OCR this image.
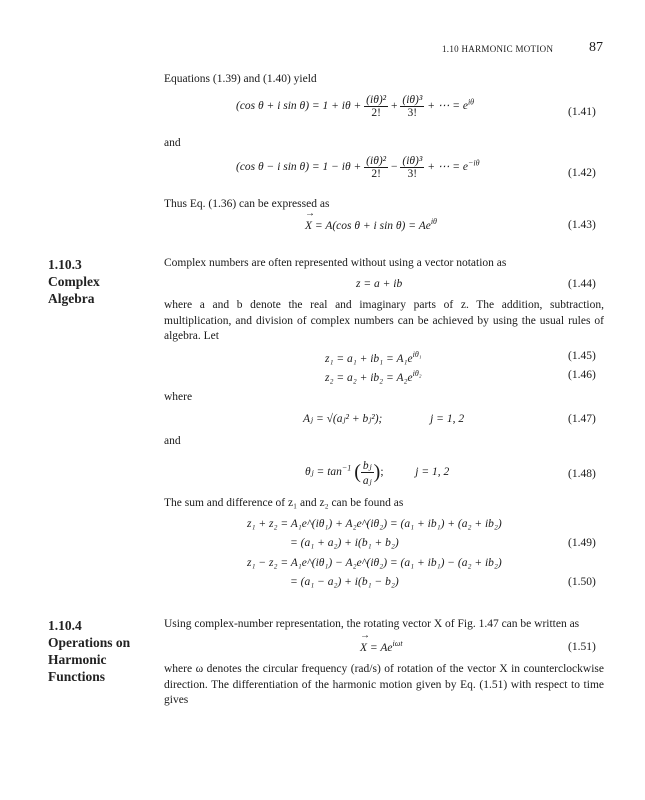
1.10 HARMONIC MOTION	87
Equations (1.39) and (1.40) yield
(cos θ + i $\sin \theta) = 1 + i\theta + \frac{\text{(iθ)²}}{2!} + \frac{\text{(iθ)³}}{3!}$ + ⋯ = $e^{i\theta}$
(1.41)
and
(cos θ − i $\sin \theta) = 1 - i\theta + \frac{\text{(iθ)²}}{2!} - \frac{\text{(iθ)³}}{3!}$ + ⋯ = $e^{-i\theta}$
(1.42)
Thus Eq. (1.36) can be expressed as
→
X = A(cos θ + i $\sin \theta) = Ae^{i\theta}$	(1.43)
1.10.3
Complex
Algebra
Complex numbers are often represented without using a vector notation as
z = a + ib	(1.44)
where a and b denote the real and imaginary parts of z. The addition, subtraction, multiplication, and division of complex numbers can be achieved by using the usual rules of algebra. Let
$z_1 = a_1 + ib_1 = A_1e^{i\theta_1}$	(1.45)
$z_2 = a_2 + ib_2 = A_2e^{i\theta_2}$	(1.46)
where
Aⱼ = √(aⱼ² + bⱼ²);	j = 1, 2	(1.47)
and
θⱼ = $\tan^{-1}$ ( $\frac{\text{bⱼ}}{\text{aⱼ}}$ );	j = 1, 2	(1.48)
The sum and difference of z₁ and z₂ can be found as
z₁ + z₂ = A₁e^(iθ₁) + A₂e^(iθ₂) = (a₁ + ib₁) + (a₂ + ib₂)
= (a₁ + a₂) + i(b₁ + b₂)	(1.49)
z₁ − z₂ = A₁e^(iθ₁) − A₂e^(iθ₂) = (a₁ + ib₁) − (a₂ + ib₂)
= (a₁ − a₂) + i(b₁ − b₂)	(1.50)
1.10.4
Operations on
Harmonic
Functions
Using complex-number representation, the rotating vector X of Fig. 1.47 can be written as
→
$X = Ae^{i\omega t}$	(1.51)
where ω denotes the circular frequency (rad/s) of rotation of the vector X in counterclockwise direction. The differentiation of the harmonic motion given by Eq. (1.51) with respect to time gives
